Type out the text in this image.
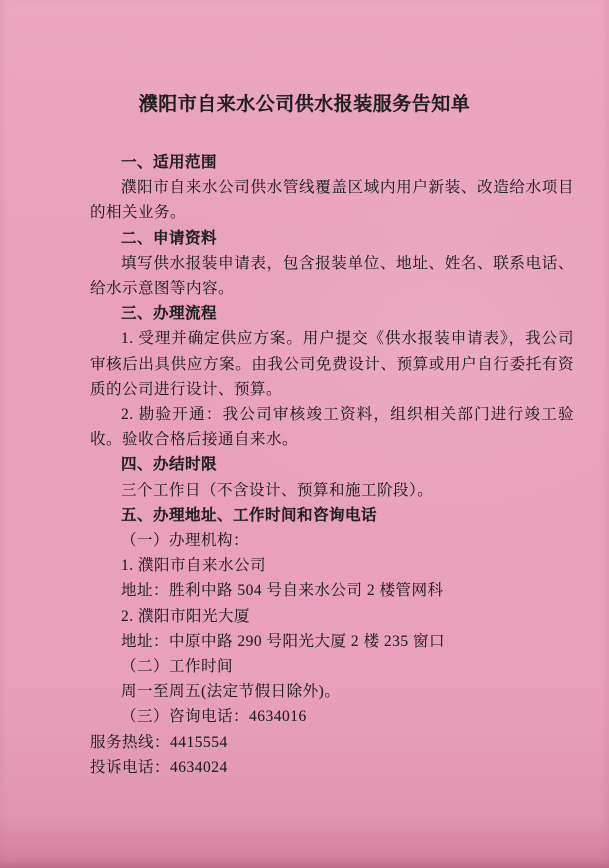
濮阳市自来水公司供水报装服务告知单

一、适用范围

濮阳市自来水公司供水管线覆盖区域内用户新装、改造给水项目的相关业务。

二、申请资料

填写供水报装申请表，包含报装单位、地址、姓名、联系电话、给水示意图等内容。

三、办理流程

1. 受理并确定供应方案。用户提交《供水报装申请表》，我公司审核后出具供应方案。由我公司免费设计、预算或用户自行委托有资质的公司进行设计、预算。

2. 勘验开通：我公司审核竣工资料，组织相关部门进行竣工验收。验收合格后接通自来水。

四、办结时限

三个工作日（不含设计、预算和施工阶段）。

五、办理地址、工作时间和咨询电话

（一）办理机构：

1. 濮阳市自来水公司

地址：胜利中路 504 号自来水公司 2 楼管网科

2. 濮阳市阳光大厦

地址：中原中路 290 号阳光大厦 2 楼 235 窗口

（二）工作时间

周一至周五(法定节假日除外)。

（三）咨询电话：4634016

服务热线：4415554

投诉电话：4634024
